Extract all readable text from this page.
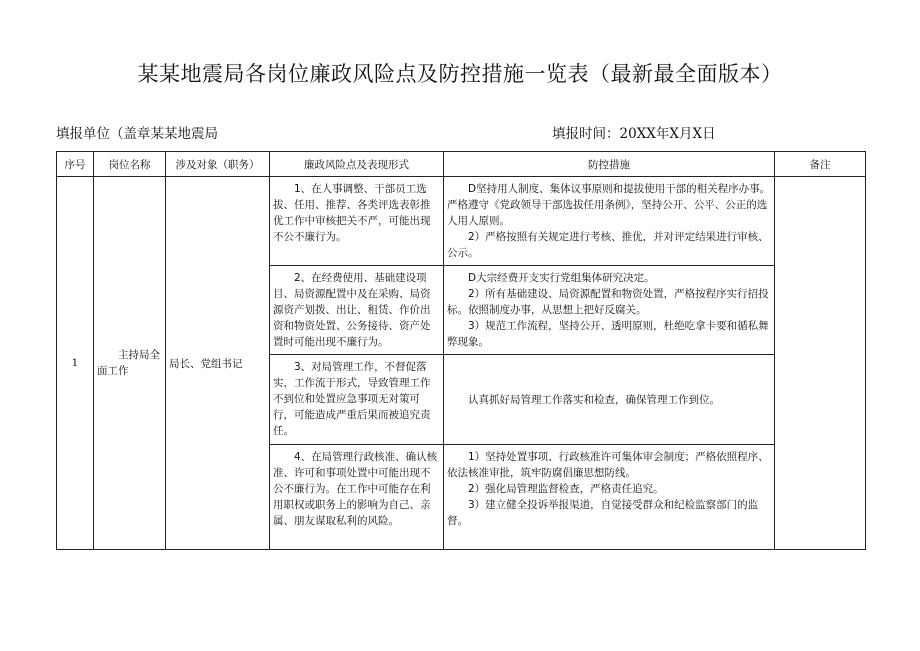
某某地震局各岗位廉政风险点及防控措施一览表（最新最全面版本）
填报单位（盖章某某地震局	填报时间：20XX年X月X日
序号	岗位名称	涉及对象（职务）	廉政风险点及表现形式	防控措施	备注
1	主持局全面工作	局长、党组书记	1、在人事调整、干部员工选拔、任用、推荐、各类评选表彰推优工作中审核把关不严，可能出现不公不廉行为。	D坚持用人制度、集体议事原则和提拔使用干部的相关程序办事。严格遵守《党政领导干部选拔任用条例》，坚持公开、公平、公正的选人用人原则。

2）严格按照有关规定进行考核、推优，并对评定结果进行审核、公示。	

			2、在经费使用、基础建设项目、局资源配置中及在采购、局资源资产划拨、出让、租赁、作价出资和物资处置、公务接待、资产处置时可能出现不廉行为。	D大宗经费开支实行党组集体研究决定。

2）所有基础建设、局资源配置和物资处置，严格按程序实行招投标。依照制度办事，从思想上把好反腐关。

3）规范工作流程，坚持公开、透明原则，杜绝吃拿卡要和循私舞弊现象。	

			3、对局管理工作，不督促落实，工作流于形式，导致管理工作不到位和处置应急事项无对策可行，可能造成严重后果而被追究责任。	认真抓好局管理工作落实和检查，确保管理工作到位。	

			4、在局管理行政核准、确认核准、许可和事项处置中可能出现不公不廉行为。在工作中可能存在利用职权或职务上的影响为自己、亲属、朋友谋取私利的风险。	1）坚持处置事项、行政核准许可集体审会制度；严格依照程序、依法核准审批，筑牢防腐倡廉思想防线。

2）强化局管理监督检查，严格责任追究。

3）建立健全投诉举报渠道，自觉接受群众和纪检监察部门的监督。	
